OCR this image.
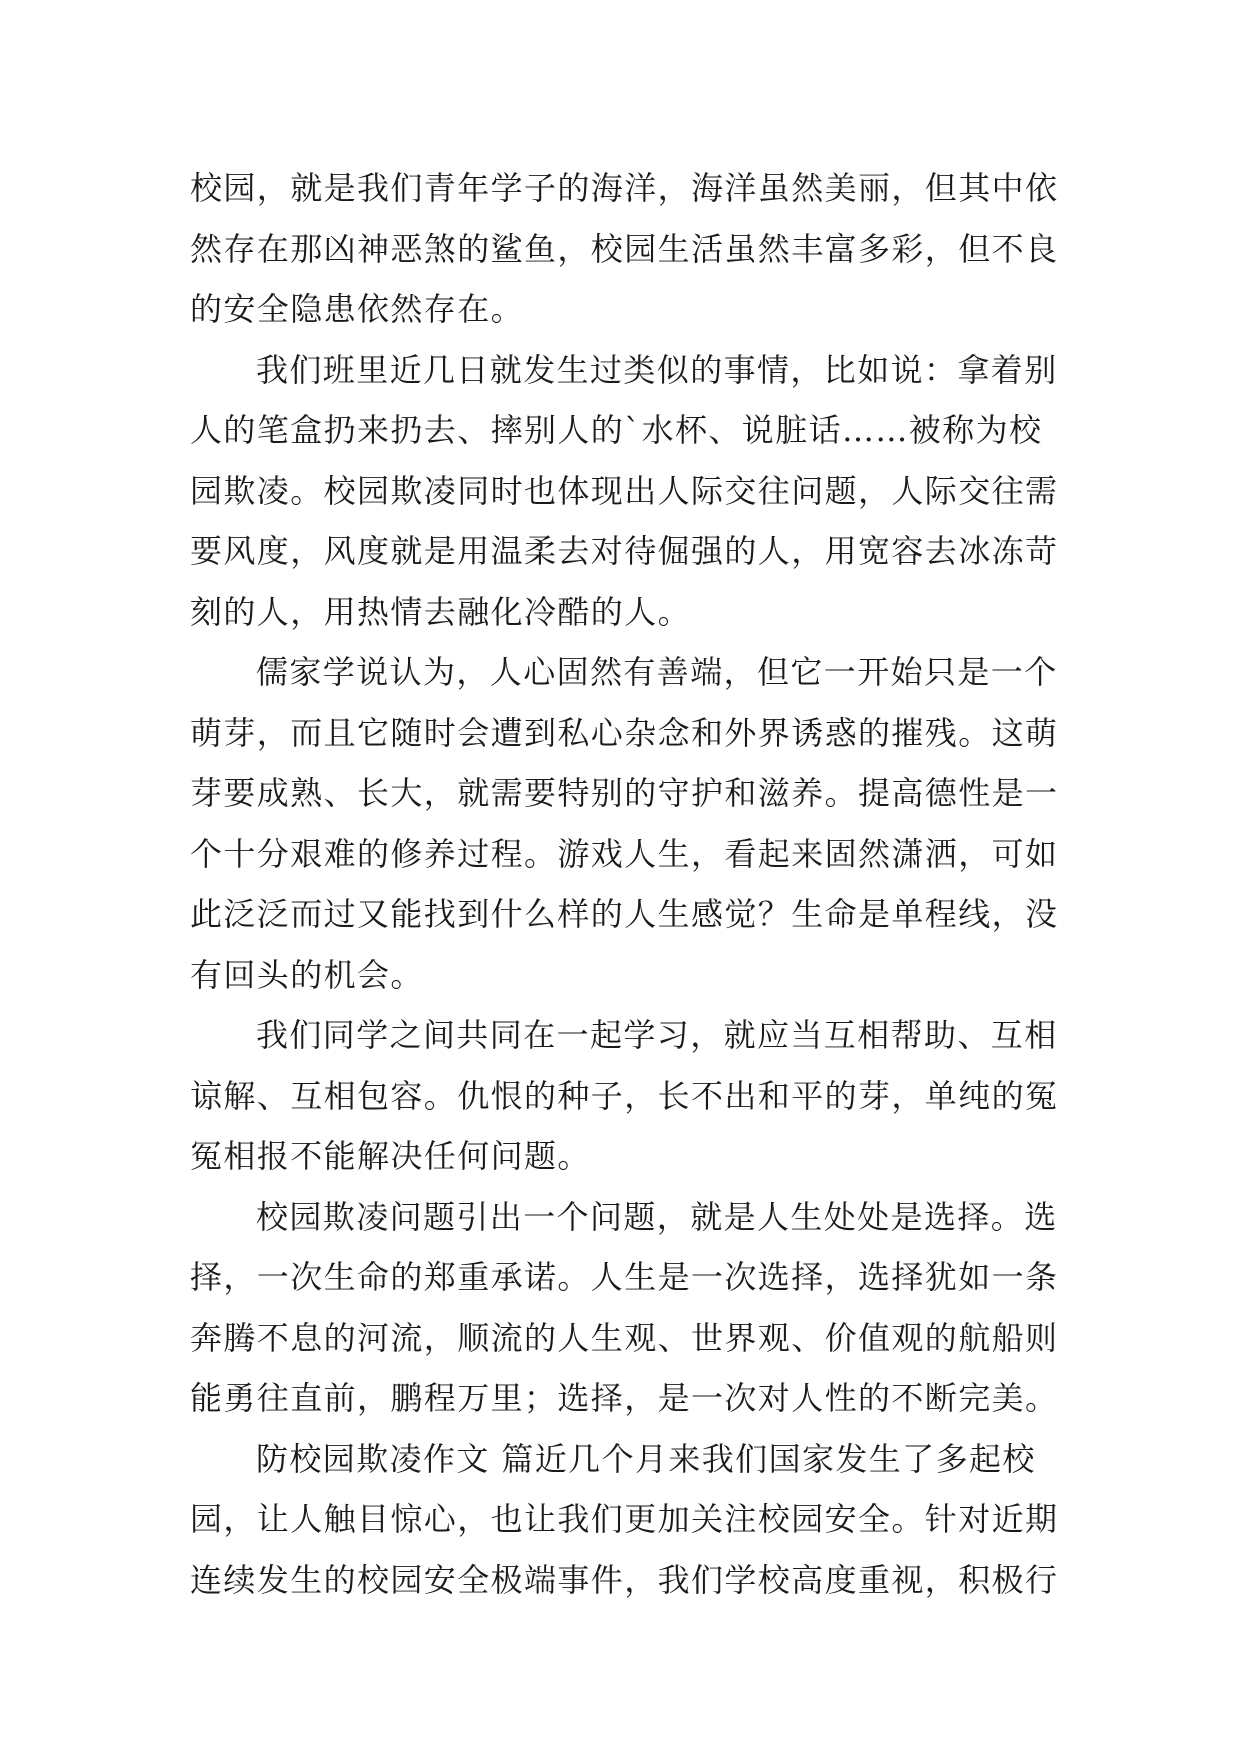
校园，就是我们青年学子的海洋，海洋虽然美丽，但其中依
然存在那凶神恶煞的鲨鱼，校园生活虽然丰富多彩，但不良
的安全隐患依然存在。

我们班里近几日就发生过类似的事情，比如说：拿着别
人的笔盒扔来扔去、摔别人的`水杯、说脏话……被称为校
园欺凌。校园欺凌同时也体现出人际交往问题，人际交往需
要风度，风度就是用温柔去对待倔强的人，用宽容去冰冻苛
刻的人，用热情去融化冷酷的人。

儒家学说认为，人心固然有善端，但它一开始只是一个
萌芽，而且它随时会遭到私心杂念和外界诱惑的摧残。这萌
芽要成熟、长大，就需要特别的守护和滋养。提高德性是一
个十分艰难的修养过程。游戏人生，看起来固然潇洒，可如
此泛泛而过又能找到什么样的人生感觉？生命是单程线，没
有回头的机会。

我们同学之间共同在一起学习，就应当互相帮助、互相
谅解、互相包容。仇恨的种子，长不出和平的芽，单纯的冤
冤相报不能解决任何问题。

校园欺凌问题引出一个问题，就是人生处处是选择。选
择，一次生命的郑重承诺。人生是一次选择，选择犹如一条
奔腾不息的河流，顺流的人生观、世界观、价值观的航船则
能勇往直前，鹏程万里；选择，是一次对人性的不断完美。

防校园欺凌作文 篇近几个月来我们国家发生了多起校
园，让人触目惊心，也让我们更加关注校园安全。针对近期
连续发生的校园安全极端事件，我们学校高度重视，积极行
